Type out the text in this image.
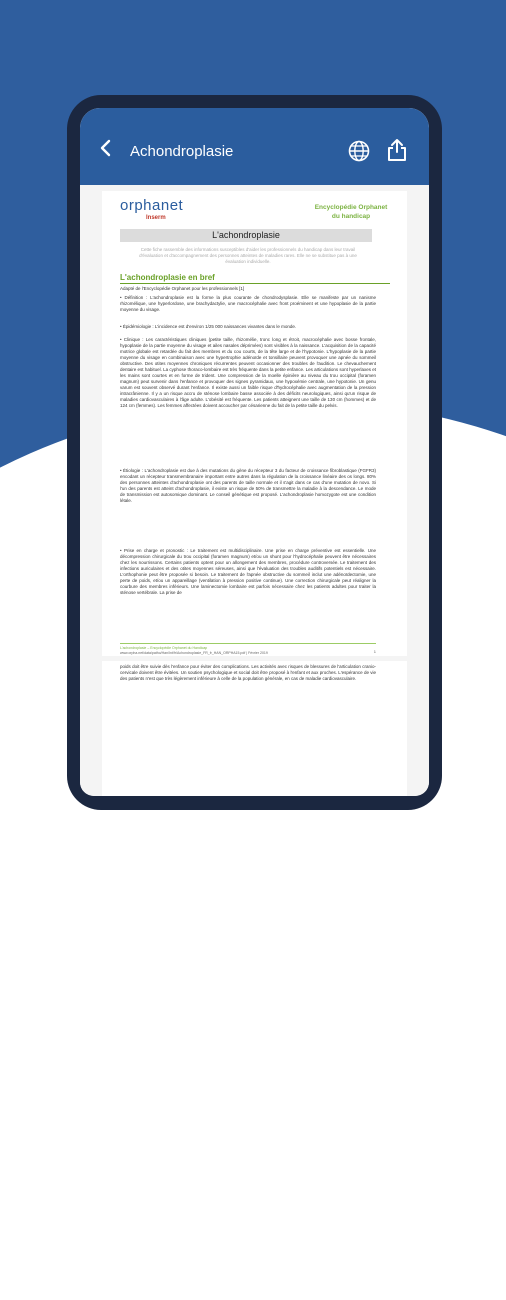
Achondroplasie
orphanet
Inserm
Encyclopédie Orphanet du handicap
L'achondroplasie
Cette fiche rassemble des informations susceptibles d'aider les professionnels du handicap dans leur travail d'évaluation et d'accompagnement des personnes atteintes de maladies rares. Elle ne se substitue pas à une évaluation individuelle.
L'achondroplasie en bref
Adapté de l'Encyclopédie Orphanet pour les professionnels [1]
• Définition : L'achondroplasie est la forme la plus courante de chondrodysplasie. Elle se manifeste par un nanisme rhizomélique, une hyperlordose, une brachydactylie, une macrocéphalie avec front proéminent et une hypoplasie de la partie moyenne du visage.
• Épidémiologie : L'incidence est d'environ 1/25 000 naissances vivantes dans le monde.
• Clinique : Les caractéristiques cliniques (petite taille, rhizomélie, tronc long et étroit, macrocéphalie avec bosse frontale, hypoplasie de la partie moyenne du visage et ailes nasales déprimées) sont visibles à la naissance. L'acquisition de la capacité motrice globale est retardée du fait des membres et du cou courts, de la tête large et de l'hypotonie. L'hypoplasie de la partie moyenne du visage en combinaison avec une hypertrophie adénoïde et tonsillaire peuvent provoquer une apnée du sommeil obstructive. Des otites moyennes chroniques récurrentes peuvent occasionner des troubles de l'audition. Le chevauchement dentaire est habituel. La cyphose thoraco-lombaire est très fréquente dans la petite enfance. Les articulations sont hyperlaxes et les mains sont courtes et en forme de trident. Une compression de la moelle épinière au niveau du trou occipital (foramen magnum) peut survenir dans l'enfance et provoquer des signes pyramidaux, une hypoxémie centrale, une hypotonie. Un genu varum est souvent observé durant l'enfance. Il existe aussi un faible risque d'hydrocéphalie avec augmentation de la pression intracrânienne. Il y a un risque accru de sténose lombaire basse associée à des déficits neurologiques, ainsi qu'un risque de maladies cardiovasculaires à l'âge adulte. L'obésité est fréquente. Les patients atteignent une taille de 130 cm (hommes) et de 124 cm (femmes). Les femmes affectées doivent accoucher par césarienne du fait de la petite taille du pelvis.
• Étiologie : L'achondroplasie est due à des mutations du gène du récepteur 3 du facteur de croissance fibroblastique (FGFR3) encodant un récepteur transmembranaire important entre autres dans la régulation de la croissance linéaire des os longs. 80% des personnes atteintes d'achondroplasie ont des parents de taille normale et il s'agit dans ce cas d'une mutation de novo. Si l'un des parents est atteint d'achondroplasie, il existe un risque de 50% de transmettre la maladie à la descendance. Le mode de transmission est autosomique dominant. Le conseil génétique est proposé. L'achondroplasie homozygote est une condition létale.
• Prise en charge et pronostic : Le traitement est multidisciplinaire. Une prise en charge préventive est essentielle. Une décompression chirurgicale du trou occipital (foramen magnum) et/ou un shunt pour l'hydrocéphalie peuvent être nécessaires chez les nourrissons. Certains patients optent pour un allongement des membres, procédure controversée. Le traitement des infections auriculaires et des otites moyennes séreuses, ainsi que l'évaluation des troubles auditifs potentiels est nécessaire. L'orthophonie peut être proposée si besoin. Le traitement de l'apnée obstructive du sommeil inclut une adénoïdectomie, une perte de poids, et/ou un appareillage (ventilation à pression positive continue). Une correction chirurgicale peut réaligner la courbure des membres inférieurs. Une laminectomie lombaire est parfois nécessaire chez les patients adultes pour traiter la sténose vertébrale. La prise de
L'achondroplasie – Encyclopédie Orphanet du Handicap
www.orpha.net/data/patho/Han/Int/fr/Achondroplasie_FR_fr_HAN_ORPHA15.pdf | Février 2019	1
poids doit être suivie dès l'enfance pour éviter des complications. Les activités avec risques de blessures de l'articulation cranio-cervicale doivent être évitées. Un soutien psychologique et social doit être proposé à l'enfant et aux proches. L'espérance de vie des patients n'est que très légèrement inférieure à celle de la population générale, en cas de maladie cardiovasculaire.
